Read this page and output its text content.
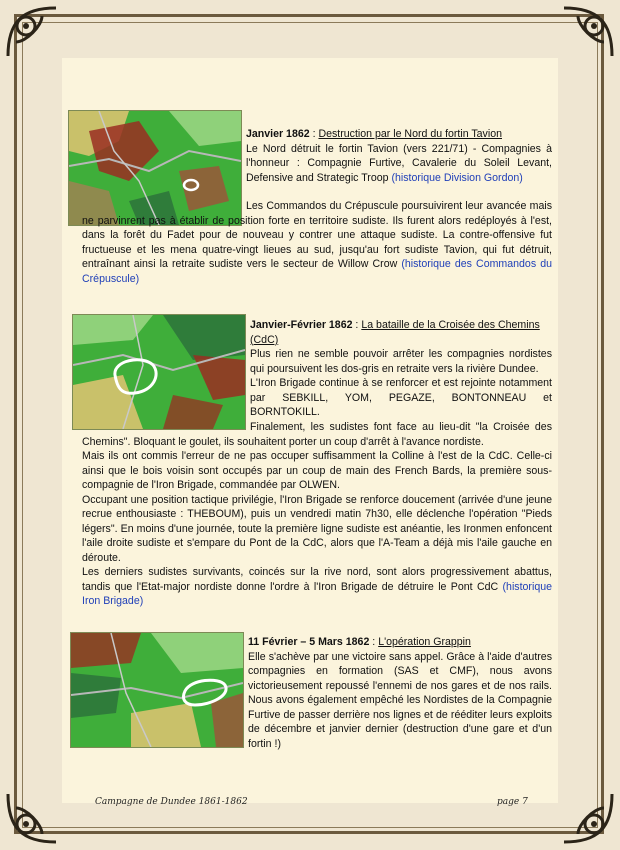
Janvier 1862 : Destruction par le Nord du fortin Tavion

Le Nord détruit le fortin Tavion (vers 221/71) - Compagnies à l'honneur : Compagnie Furtive, Cavalerie du Soleil Levant, Defensive and Strategic Troop (historique Division Gordon)

Les Commandos du Crépuscule poursuivirent leur avancée mais ne parvinrent pas à établir de position forte en territoire sudiste. Ils furent alors redéployés à l'est, dans la forêt du Fadet pour de nouveau y contrer une attaque sudiste. La contre-offensive fut fructueuse et les mena quatre-vingt lieues au sud, jusqu'au fort sudiste Tavion, qui fut détruit, entraînant ainsi la retraite sudiste vers le secteur de Willow Crow (historique des Commandos du Crépuscule)

Janvier-Février 1862 : La bataille de la Croisée des Chemins (CdC)

Plus rien ne semble pouvoir arrêter les compagnies nordistes qui poursuivent les dos-gris en retraite vers la rivière Dundee.

L'Iron Brigade continue à se renforcer et est rejointe notamment par SEBKILL, YOM, PEGAZE, BONTONNEAU et BORNTOKILL.

Finalement, les sudistes font face au lieu-dit "la Croisée des Chemins". Bloquant le goulet, ils souhaitent porter un coup d'arrêt à l'avance nordiste.

Mais ils ont commis l'erreur de ne pas occuper suffisamment la Colline à l'est de la CdC. Celle-ci ainsi que le bois voisin sont occupés par un coup de main des French Bards, la première sous-compagnie de l'Iron Brigade, commandée par OLWEN.

Occupant une position tactique privilégie, l'Iron Brigade se renforce doucement (arrivée d'une jeune recrue enthousiaste : THEBOUM), puis un vendredi matin 7h30, elle déclenche l'opération "Pieds légers". En moins d'une journée, toute la première ligne sudiste est anéantie, les Ironmen enfoncent l'aile droite sudiste et s'empare du Pont de la CdC, alors que l'A-Team a déjà mis l'aile gauche en déroute.

Les derniers sudistes survivants, coincés sur la rive nord, sont alors progressivement abattus, tandis que l'Etat-major nordiste donne l'ordre à l'Iron Brigade de détruire le Pont CdC (historique Iron Brigade)

11 Février – 5 Mars 1862 : L'opération Grappin

Elle s'achève par une victoire sans appel. Grâce à l'aide d'autres compagnies en formation (SAS et CMF), nous avons victorieusement repoussé l'ennemi de nos gares et de nos rails. Nous avons également empêché les Nordistes de la Compagnie Furtive de passer derrière nos lignes et de rééditer leurs exploits de décembre et janvier dernier (destruction d'une gare et d'un fortin !)

Campagne de Dundee 1861-1862	page 7
